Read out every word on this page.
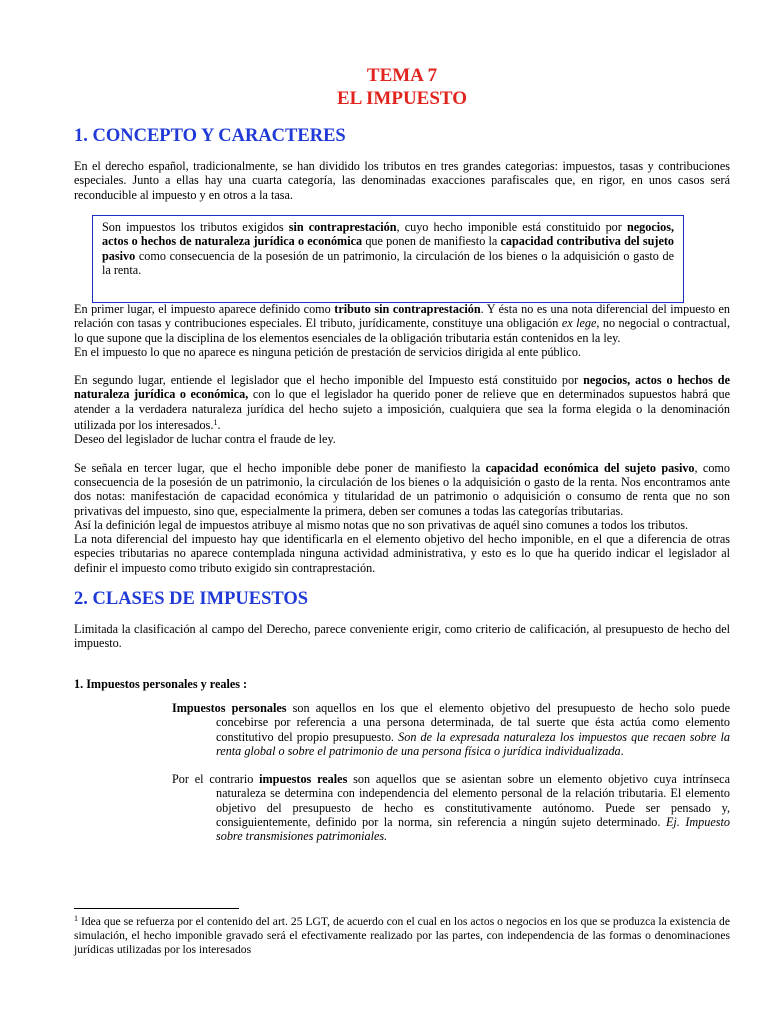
TEMA 7
EL IMPUESTO
1. CONCEPTO Y CARACTERES

En el derecho español, tradicionalmente, se han dividido los tributos en tres grandes categorias: impuestos, tasas y contribuciones especiales. Junto a ellas hay una cuarta categoría, las denominadas exacciones parafiscales que, en rigor, en unos casos será reconducible al impuesto y en otros a la tasa.

Son impuestos los tributos exigidos sin contraprestación, cuyo hecho imponible está constituido por negocios, actos o hechos de naturaleza jurídica o económica que ponen de manifiesto la capacidad contributiva del sujeto pasivo como consecuencia de la posesión de un patrimonio, la circulación de los bienes o la adquisición o gasto de la renta.

En primer lugar, el impuesto aparece definido como tributo sin contraprestación. Y ésta no es una nota diferencial del impuesto en relación con tasas y contribuciones especiales. El tributo, jurídicamente, constituye una obligación ex lege, no negocial o contractual, lo que supone que la disciplina de los elementos esenciales de la obligación tributaria están contenidos en la ley.

En el impuesto lo que no aparece es ninguna petición de prestación de servicios dirigida al ente público.

En segundo lugar, entiende el legislador que el hecho imponible del Impuesto está constituido por negocios, actos o hechos de naturaleza jurídica o económica, con lo que el legislador ha querido poner de relieve que en determinados supuestos habrá que atender a la verdadera naturaleza jurídica del hecho sujeto a imposición, cualquiera que sea la forma elegida o la denominación utilizada por los interesados.$^1$.

Deseo del legislador de luchar contra el fraude de ley.

Se señala en tercer lugar, que el hecho imponible debe poner de manifiesto la capacidad económica del sujeto pasivo, como consecuencia de la posesión de un patrimonio, la circulación de los bienes o la adquisición o gasto de la renta. Nos encontramos ante dos notas: manifestación de capacidad económica y titularidad de un patrimonio o adquisición o consumo de renta que no son privativas del impuesto, sino que, especialmente la primera, deben ser comunes a todas las categorías tributarias.

Así la definición legal de impuestos atribuye al mismo notas que no son privativas de aquél sino comunes a todos los tributos.

La nota diferencial del impuesto hay que identificarla en el elemento objetivo del hecho imponible, en el que a diferencia de otras especies tributarias no aparece contemplada ninguna actividad administrativa, y esto es lo que ha querido indicar el legislador al definir el impuesto como tributo exigido sin contraprestación.

2. CLASES DE IMPUESTOS

Limitada la clasificación al campo del Derecho, parece conveniente erigir, como criterio de calificación, al presupuesto de hecho del impuesto.

1. Impuestos personales y reales :

Impuestos personales son aquellos en los que el elemento objetivo del presupuesto de hecho solo puede concebirse por referencia a una persona determinada, de tal suerte que ésta actúa como elemento constitutivo del propio presupuesto. Son de la expresada naturaleza los impuestos que recaen sobre la renta global o sobre el patrimonio de una persona física o jurídica individualizada.

Por el contrario impuestos reales son aquellos que se asientan sobre un elemento objetivo cuya intrínseca naturaleza se determina con independencia del elemento personal de la relación tributaria. El elemento objetivo del presupuesto de hecho es constitutivamente autónomo. Puede ser pensado y, consiguientemente, definido por la norma, sin referencia a ningún sujeto determinado. Ej. Impuesto sobre transmisiones patrimoniales.

$^1$ Idea que se refuerza por el contenido del art. 25 LGT, de acuerdo con el cual en los actos o negocios en los que se produzca la existencia de simulación, el hecho imponible gravado será el efectivamente realizado por las partes, con independencia de las formas o denominaciones jurídicas utilizadas por los interesados
